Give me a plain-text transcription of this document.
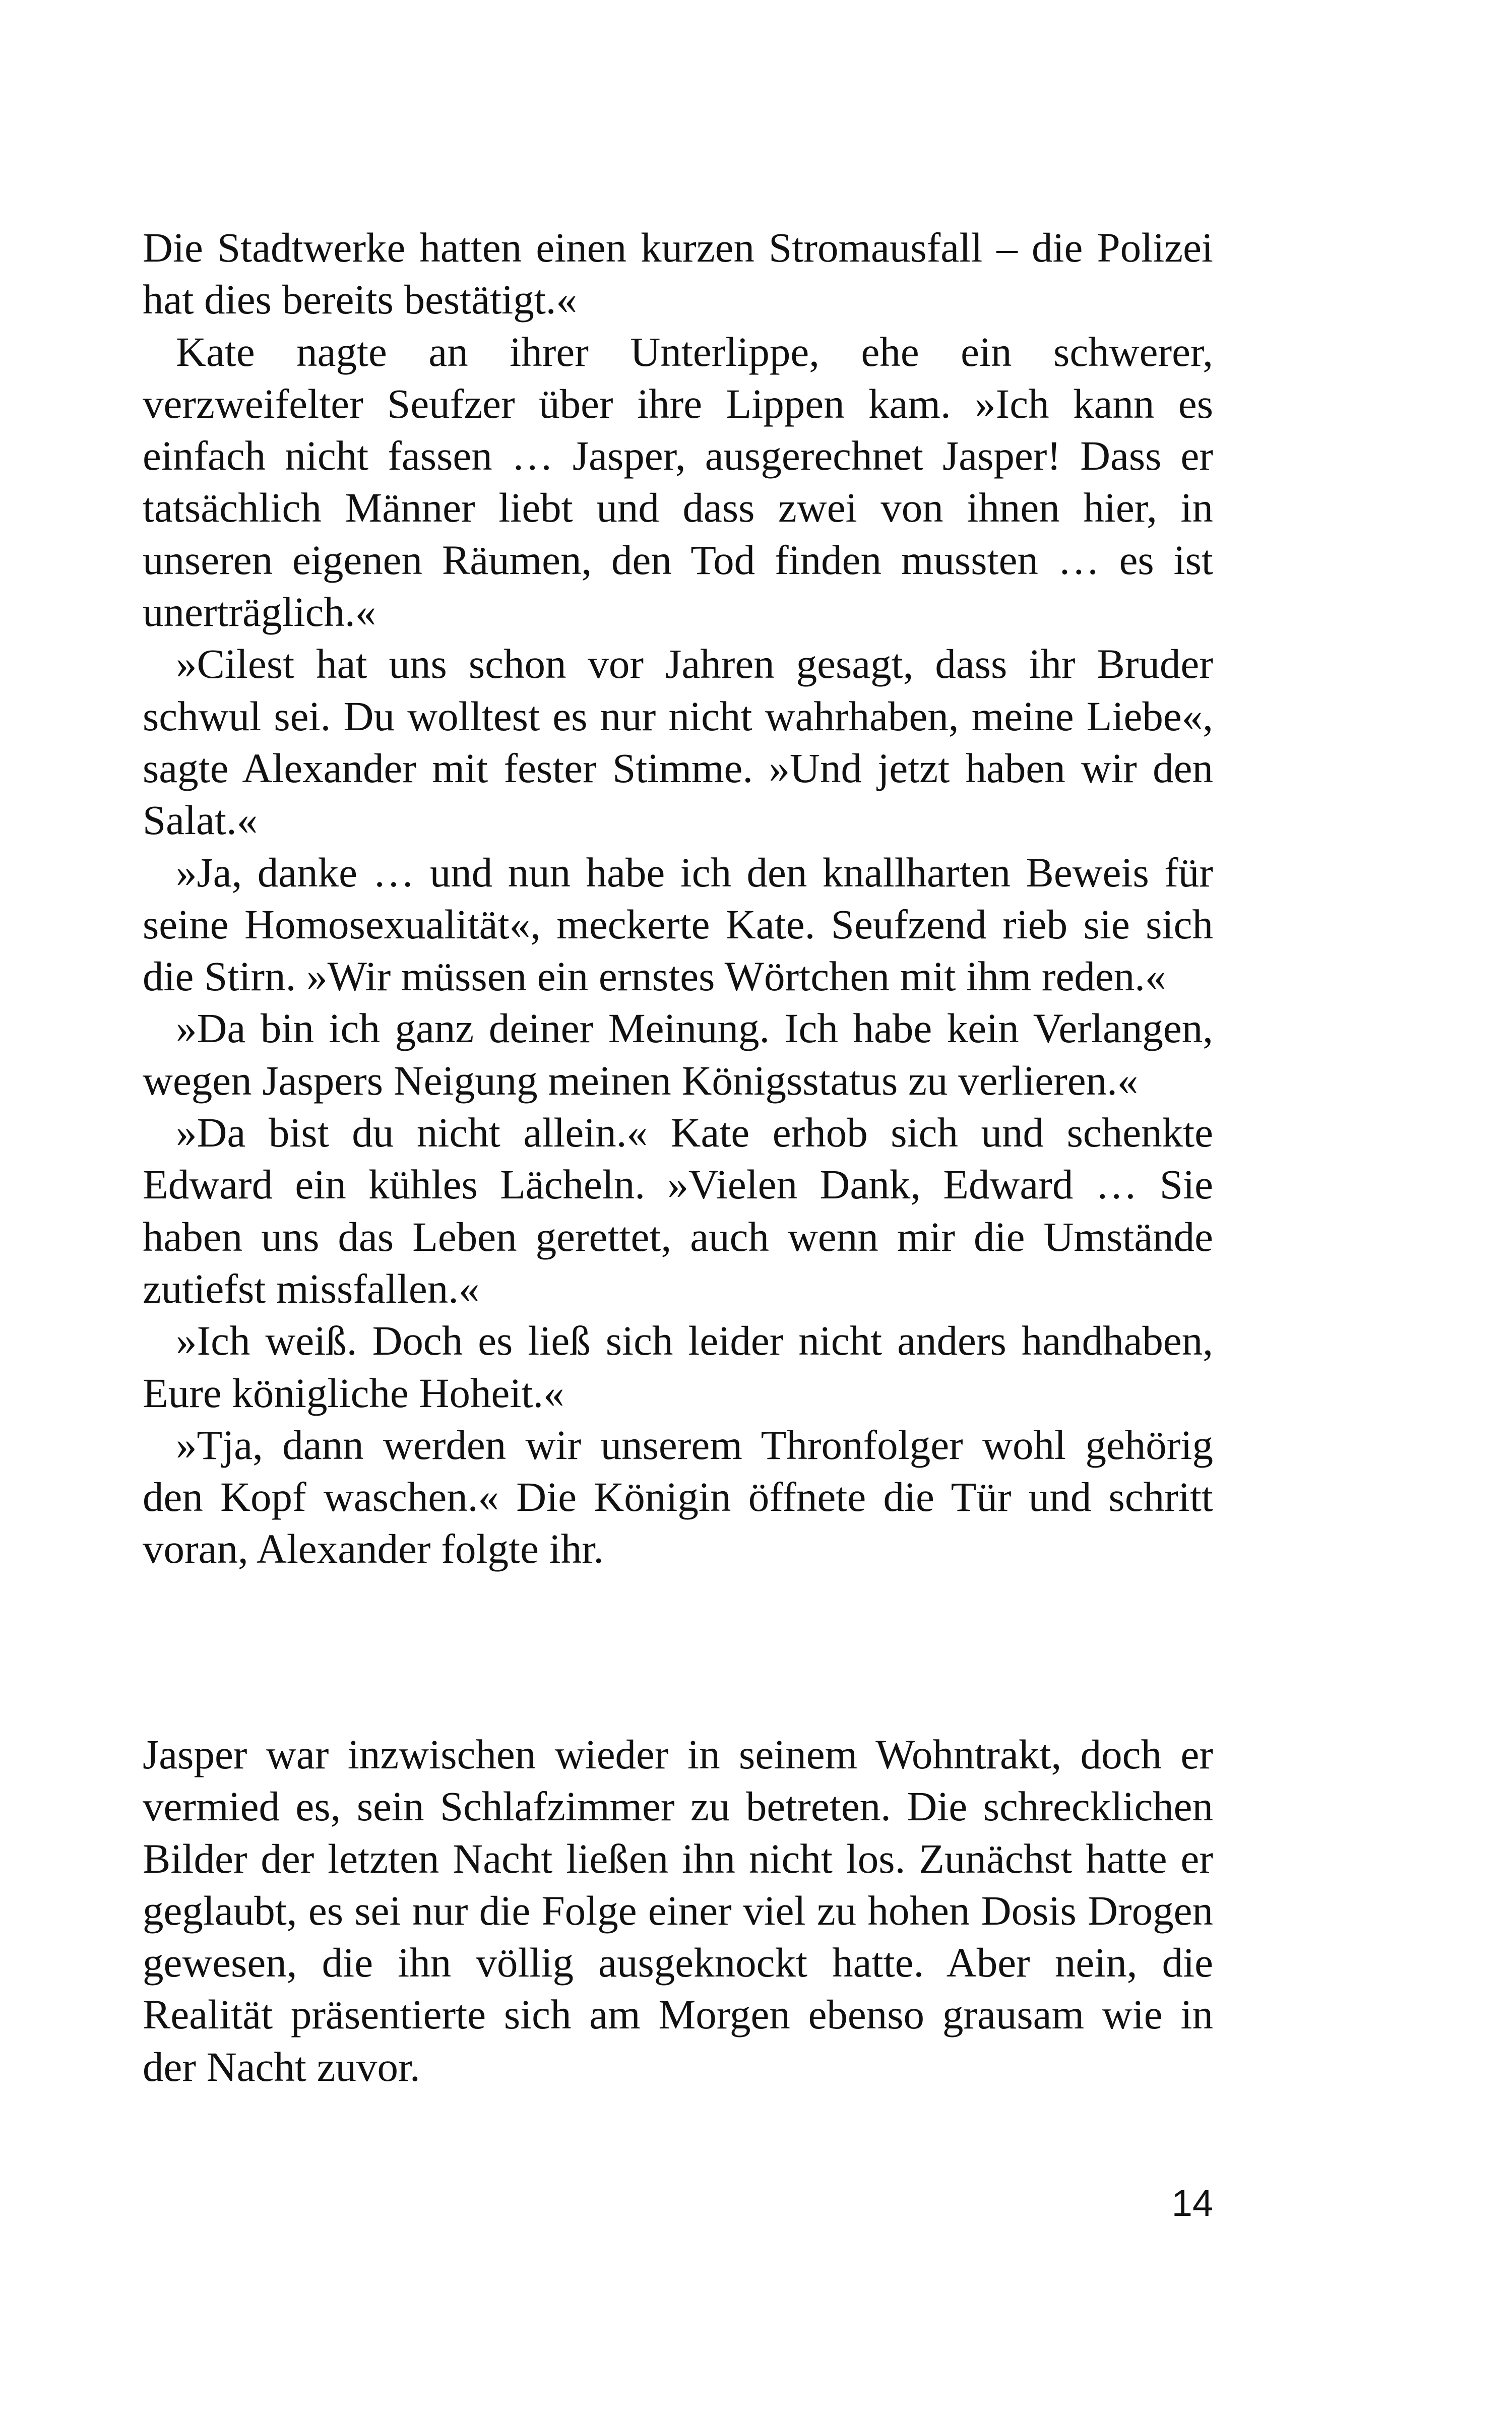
Die Stadtwerke hatten einen kurzen Stromausfall – die Polizei hat dies bereits bestätigt.«

Kate nagte an ihrer Unterlippe, ehe ein schwerer, verzweifelter Seufzer über ihre Lippen kam. »Ich kann es einfach nicht fassen … Jasper, ausgerechnet Jasper! Dass er tatsächlich Männer liebt und dass zwei von ihnen hier, in unseren eigenen Räumen, den Tod finden mussten … es ist unerträglich.«

»Cilest hat uns schon vor Jahren gesagt, dass ihr Bruder schwul sei. Du wolltest es nur nicht wahrhaben, meine Liebe«, sagte Alexander mit fester Stimme. »Und jetzt haben wir den Salat.«

»Ja, danke … und nun habe ich den knallharten Beweis für seine Homosexualität«, meckerte Kate. Seufzend rieb sie sich die Stirn. »Wir müssen ein ernstes Wörtchen mit ihm reden.«

»Da bin ich ganz deiner Meinung. Ich habe kein Verlangen, wegen Jaspers Neigung meinen Königsstatus zu verlieren.«

»Da bist du nicht allein.« Kate erhob sich und schenkte Edward ein kühles Lächeln. »Vielen Dank, Edward … Sie haben uns das Leben gerettet, auch wenn mir die Umstände zutiefst missfallen.«

»Ich weiß. Doch es ließ sich leider nicht anders handhaben, Eure königliche Hoheit.«

»Tja, dann werden wir unserem Thronfolger wohl gehörig den Kopf waschen.« Die Königin öffnete die Tür und schritt voran, Alexander folgte ihr.

Jasper war inzwischen wieder in seinem Wohntrakt, doch er vermied es, sein Schlafzimmer zu betreten. Die schrecklichen Bilder der letzten Nacht ließen ihn nicht los. Zunächst hatte er geglaubt, es sei nur die Folge einer viel zu hohen Dosis Drogen gewesen, die ihn völlig ausgeknockt hatte. Aber nein, die Realität präsentierte sich am Morgen ebenso grausam wie in der Nacht zuvor.

14
